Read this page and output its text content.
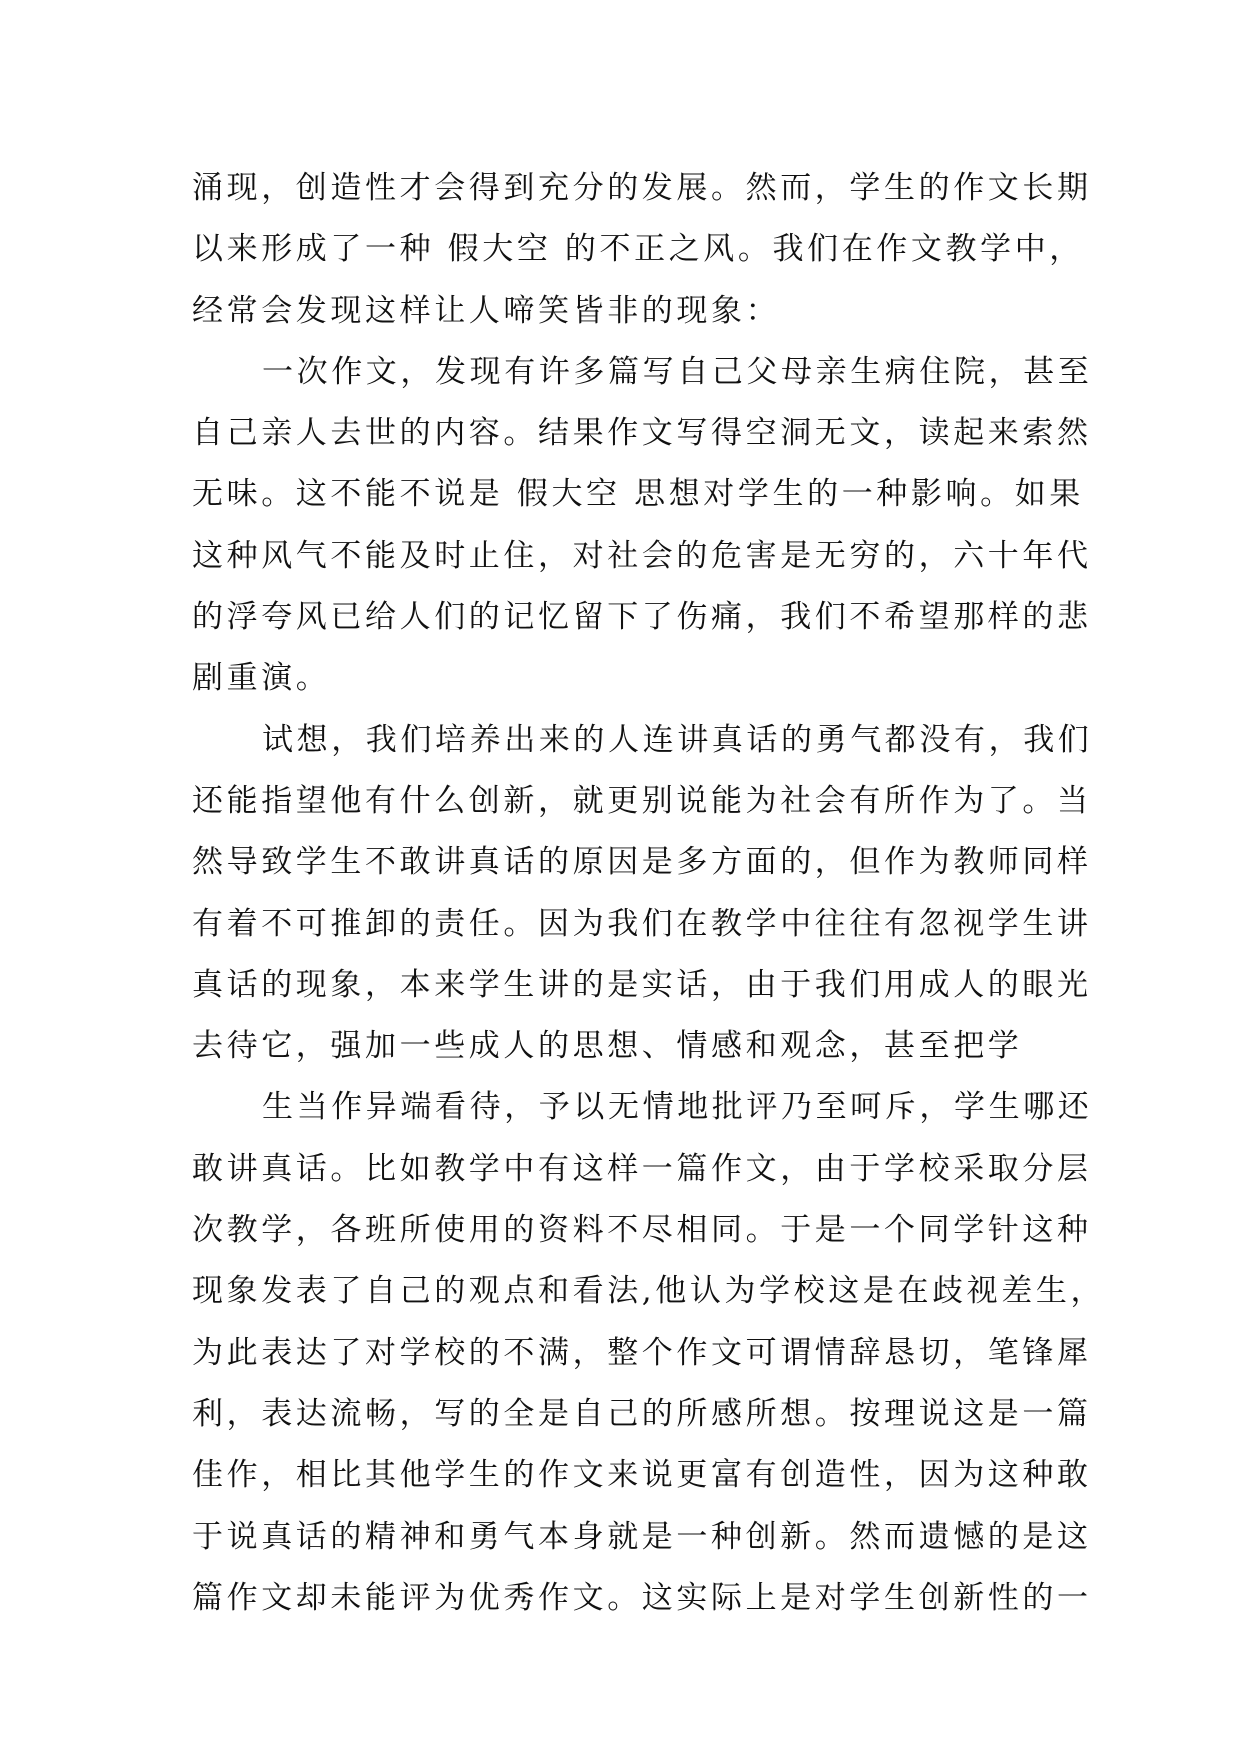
涌现，创造性才会得到充分的发展。然而，学生的作文长期
以来形成了一种 假大空 的不正之风。我们在作文教学中，
经常会发现这样让人啼笑皆非的现象：
一次作文，发现有许多篇写自己父母亲生病住院，甚至
自己亲人去世的内容。结果作文写得空洞无文，读起来索然
无味。这不能不说是 假大空 思想对学生的一种影响。如果
这种风气不能及时止住，对社会的危害是无穷的，六十年代
的浮夸风已给人们的记忆留下了伤痛，我们不希望那样的悲
剧重演。
试想，我们培养出来的人连讲真话的勇气都没有，我们
还能指望他有什么创新，就更别说能为社会有所作为了。当
然导致学生不敢讲真话的原因是多方面的，但作为教师同样
有着不可推卸的责任。因为我们在教学中往往有忽视学生讲
真话的现象，本来学生讲的是实话，由于我们用成人的眼光
去待它，强加一些成人的思想、情感和观念，甚至把学
生当作异端看待，予以无情地批评乃至呵斥，学生哪还
敢讲真话。比如教学中有这样一篇作文，由于学校采取分层
次教学，各班所使用的资料不尽相同。于是一个同学针这种
现象发表了自己的观点和看法,他认为学校这是在歧视差生，
为此表达了对学校的不满，整个作文可谓情辞恳切，笔锋犀
利，表达流畅，写的全是自己的所感所想。按理说这是一篇
佳作，相比其他学生的作文来说更富有创造性，因为这种敢
于说真话的精神和勇气本身就是一种创新。然而遗憾的是这
篇作文却未能评为优秀作文。这实际上是对学生创新性的一
